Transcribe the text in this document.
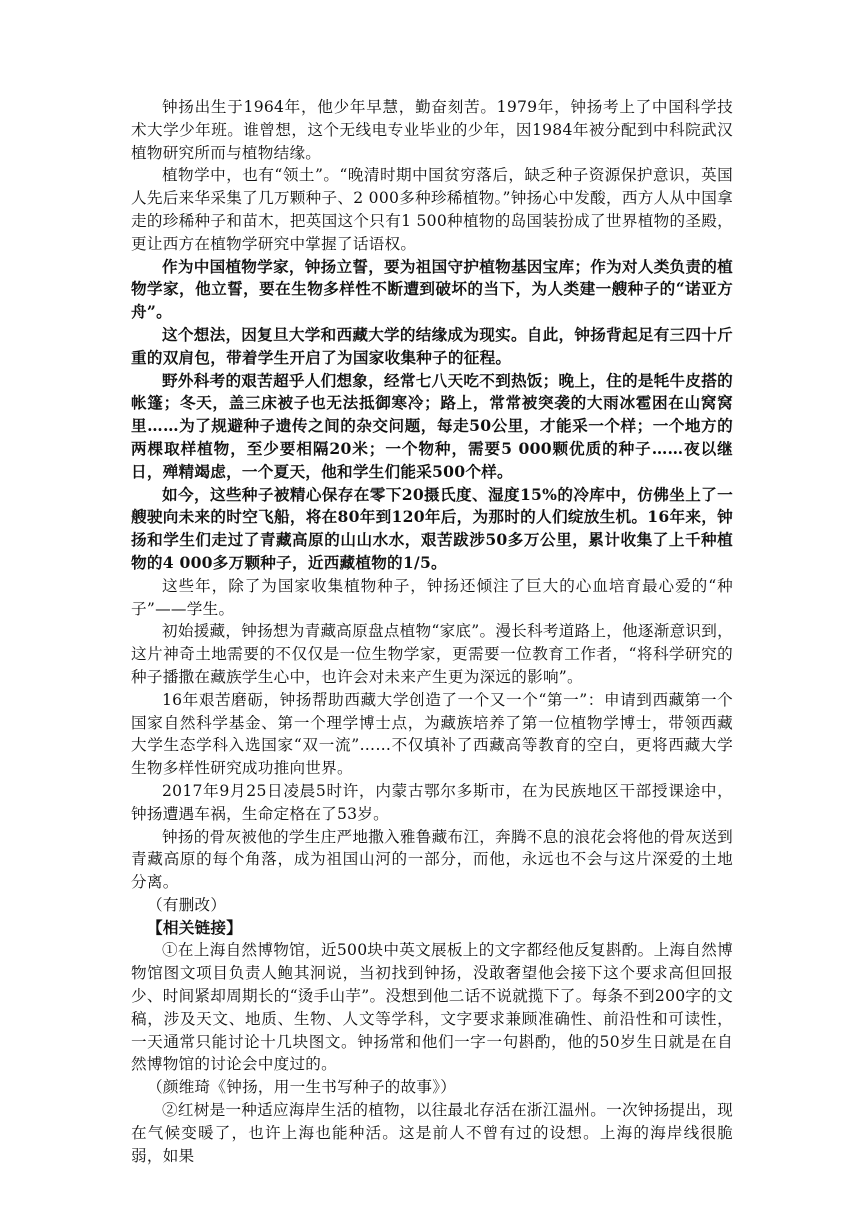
钟扬出生于1964年，他少年早慧，勤奋刻苦。1979年，钟扬考上了中国科学技术大学少年班。谁曾想，这个无线电专业毕业的少年，因1984年被分配到中科院武汉植物研究所而与植物结缘。

植物学中，也有“领土”。“晚清时期中国贫穷落后，缺乏种子资源保护意识，英国人先后来华采集了几万颗种子、2 000多种珍稀植物。”钟扬心中发酸，西方人从中国拿走的珍稀种子和苗木，把英国这个只有1 500种植物的岛国装扮成了世界植物的圣殿，更让西方在植物学研究中掌握了话语权。

作为中国植物学家，钟扬立誓，要为祖国守护植物基因宝库；作为对人类负责的植物学家，他立誓，要在生物多样性不断遭到破坏的当下，为人类建一艘种子的“诺亚方舟”。

这个想法，因复旦大学和西藏大学的结缘成为现实。自此，钟扬背起足有三四十斤重的双肩包，带着学生开启了为国家收集种子的征程。

野外科考的艰苦超乎人们想象，经常七八天吃不到热饭；晚上，住的是牦牛皮搭的帐篷；冬天，盖三床被子也无法抵御寒冷；路上，常常被突袭的大雨冰雹困在山窝窝里……为了规避种子遗传之间的杂交问题，每走50公里，才能采一个样；一个地方的两棵取样植物，至少要相隔20米；一个物种，需要5 000颗优质的种子……夜以继日，殚精竭虑，一个夏天，他和学生们能采500个样。

如今，这些种子被精心保存在零下20摄氏度、湿度15%的冷库中，仿佛坐上了一艘驶向未来的时空飞船，将在80年到120年后，为那时的人们绽放生机。16年来，钟扬和学生们走过了青藏高原的山山水水，艰苦跋涉50多万公里，累计收集了上千种植物的4 000多万颗种子，近西藏植物的1/5。

这些年，除了为国家收集植物种子，钟扬还倾注了巨大的心血培育最心爱的“种子”——学生。

初始援藏，钟扬想为青藏高原盘点植物“家底”。漫长科考道路上，他逐渐意识到，这片神奇土地需要的不仅仅是一位生物学家，更需要一位教育工作者，“将科学研究的种子播撒在藏族学生心中，也许会对未来产生更为深远的影响”。

16年艰苦磨砺，钟扬帮助西藏大学创造了一个又一个“第一”：申请到西藏第一个国家自然科学基金、第一个理学博士点，为藏族培养了第一位植物学博士，带领西藏大学生态学科入选国家“双一流”……不仅填补了西藏高等教育的空白，更将西藏大学生物多样性研究成功推向世界。

2017年9月25日凌晨5时许，内蒙古鄂尔多斯市，在为民族地区干部授课途中，钟扬遭遇车祸，生命定格在了53岁。

钟扬的骨灰被他的学生庄严地撒入雅鲁藏布江，奔腾不息的浪花会将他的骨灰送到青藏高原的每个角落，成为祖国山河的一部分，而他，永远也不会与这片深爱的土地分离。

（有删改）

【相关链接】

①在上海自然博物馆，近500块中英文展板上的文字都经他反复斟酌。上海自然博物馆图文项目负责人鲍其泂说，当初找到钟扬，没敢奢望他会接下这个要求高但回报少、时间紧却周期长的“烫手山芋”。没想到他二话不说就揽下了。每条不到200字的文稿，涉及天文、地质、生物、人文等学科，文字要求兼顾准确性、前沿性和可读性，一天通常只能讨论十几块图文。钟扬常和他们一字一句斟酌，他的50岁生日就是在自然博物馆的讨论会中度过的。

（颜维琦《钟扬，用一生书写种子的故事》）

②红树是一种适应海岸生活的植物，以往最北存活在浙江温州。一次钟扬提出，现在气候变暖了，也许上海也能种活。这是前人不曾有过的设想。上海的海岸线很脆弱，如果
